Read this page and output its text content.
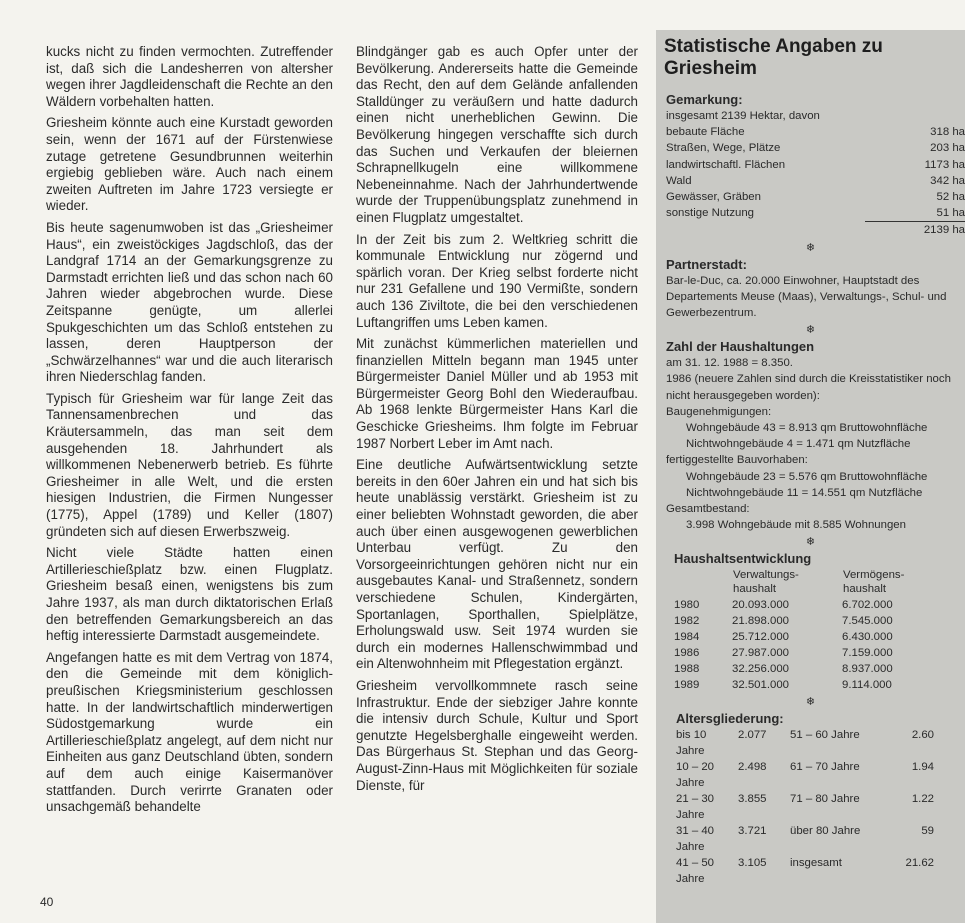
kucks nicht zu finden vermochten. Zutreffender ist, daß sich die Landesherren von altersher wegen ihrer Jagdleidenschaft die Rechte an den Wäldern vorbehalten hatten.

Griesheim könnte auch eine Kurstadt geworden sein, wenn der 1671 auf der Fürstenwiese zutage getretene Gesundbrunnen weiterhin ergiebig geblieben wäre. Auch nach einem zweiten Auftreten im Jahre 1723 versiegte er wieder.

Bis heute sagenumwoben ist das „Griesheimer Haus“, ein zweistöckiges Jagdschloß, das der Landgraf 1714 an der Gemarkungsgrenze zu Darmstadt errichten ließ und das schon nach 60 Jahren wieder abgebrochen wurde. Diese Zeitspanne genügte, um allerlei Spukgeschichten um das Schloß entstehen zu lassen, deren Hauptperson der „Schwärzelhannes“ war und die auch literarisch ihren Niederschlag fanden.

Typisch für Griesheim war für lange Zeit das Tannensamenbrechen und das Kräutersammeln, das man seit dem ausgehenden 18. Jahrhundert als willkommenen Nebenerwerb betrieb. Es führte Griesheimer in alle Welt, und die ersten hiesigen Industrien, die Firmen Nungesser (1775), Appel (1789) und Keller (1807) gründeten sich auf diesen Erwerbszweig.

Nicht viele Städte hatten einen Artillerieschießplatz bzw. einen Flugplatz. Griesheim besaß einen, wenigstens bis zum Jahre 1937, als man durch diktatorischen Erlaß den betreffenden Gemarkungsbereich an das heftig interessierte Darmstadt ausgemeindete.

Angefangen hatte es mit dem Vertrag von 1874, den die Gemeinde mit dem königlich-preußischen Kriegsministerium geschlossen hatte. In der landwirtschaftlich minderwertigen Südostgemarkung wurde ein Artillerieschießplatz angelegt, auf dem nicht nur Einheiten aus ganz Deutschland übten, sondern auf dem auch einige Kaisermanöver stattfanden. Durch verirrte Granaten oder unsachgemäß behandelte

Blindgänger gab es auch Opfer unter der Bevölkerung. Andererseits hatte die Gemeinde das Recht, den auf dem Gelände anfallenden Stalldünger zu veräußern und hatte dadurch einen nicht unerheblichen Gewinn. Die Bevölkerung hingegen verschaffte sich durch das Suchen und Verkaufen der bleiernen Schrapnellkugeln eine willkommene Nebeneinnahme. Nach der Jahrhundertwende wurde der Truppenübungsplatz zunehmend in einen Flugplatz umgestaltet.

In der Zeit bis zum 2. Weltkrieg schritt die kommunale Entwicklung nur zögernd und spärlich voran. Der Krieg selbst forderte nicht nur 231 Gefallene und 190 Vermißte, sondern auch 136 Ziviltote, die bei den verschiedenen Luftangriffen ums Leben kamen.

Mit zunächst kümmerlichen materiellen und finanziellen Mitteln begann man 1945 unter Bürgermeister Daniel Müller und ab 1953 mit Bürgermeister Georg Bohl den Wiederaufbau. Ab 1968 lenkte Bürgermeister Hans Karl die Geschicke Griesheims. Ihm folgte im Februar 1987 Norbert Leber im Amt nach.

Eine deutliche Aufwärtsentwicklung setzte bereits in den 60er Jahren ein und hat sich bis heute unablässig verstärkt. Griesheim ist zu einer beliebten Wohnstadt geworden, die aber auch über einen ausgewogenen gewerblichen Unterbau verfügt. Zu den Vorsorgeeinrichtungen gehören nicht nur ein ausgebautes Kanal- und Straßennetz, sondern verschiedene Schulen, Kindergärten, Sportanlagen, Sporthallen, Spielplätze, Erholungswald usw. Seit 1974 wurden sie durch ein modernes Hallenschwimmbad und ein Altenwohnheim mit Pflegestation ergänzt.

Griesheim vervollkommnete rasch seine Infrastruktur. Ende der siebziger Jahre konnte die intensiv durch Schule, Kultur und Sport genutzte Hegelsberghalle eingeweiht werden. Das Bürgerhaus St. Stephan und das Georg-August-Zinn-Haus mit Möglichkeiten für soziale Dienste, für

40
Statistische Angaben zu Griesheim
Gemarkung:
insgesamt 2139 Hektar, davon
bebaute Fläche	318 ha
Straßen, Wege, Plätze	203 ha
landwirtschaftl. Flächen	1173 ha
Wald	342 ha
Gewässer, Gräben	52 ha
sonstige Nutzung	51 ha
2139 ha
❄
Partnerstadt:
Bar-le-Duc, ca. 20.000 Einwohner, Hauptstadt des Departements Meuse (Maas), Verwaltungs-, Schul- und Gewerbezentrum.
❄
Zahl der Haushaltungen
am 31. 12. 1988 = 8.350.
1986 (neuere Zahlen sind durch die Kreisstatistiker noch nicht herausgegeben worden):
Baugenehmigungen:
Wohngebäude 43 = 8.913 qm Bruttowohnfläche
Nichtwohngebäude 4 = 1.471 qm Nutzfläche
fertiggestellte Bauvorhaben:
Wohngebäude 23 = 5.576 qm Bruttowohnfläche
Nichtwohngebäude 11 = 14.551 qm Nutzfläche
Gesamtbestand:
3.998 Wohngebäude mit 8.585 Wohnungen
❄
Haushaltsentwicklung
	Verwaltungs-haushalt	Vermögens-haushalt
1980	20.093.000	6.702.000
1982	21.898.000	7.545.000
1984	25.712.000	6.430.000
1986	27.987.000	7.159.000
1988	32.256.000	8.937.000
1989	32.501.000	9.114.000
❄
Altersgliederung:
bis 10 Jahre	2.077	51 – 60 Jahre	2.60
10 – 20 Jahre	2.498	61 – 70 Jahre	1.94
21 – 30 Jahre	3.855	71 – 80 Jahre	1.22
31 – 40 Jahre	3.721	über 80 Jahre	59
41 – 50 Jahre	3.105	insgesamt	21.62
